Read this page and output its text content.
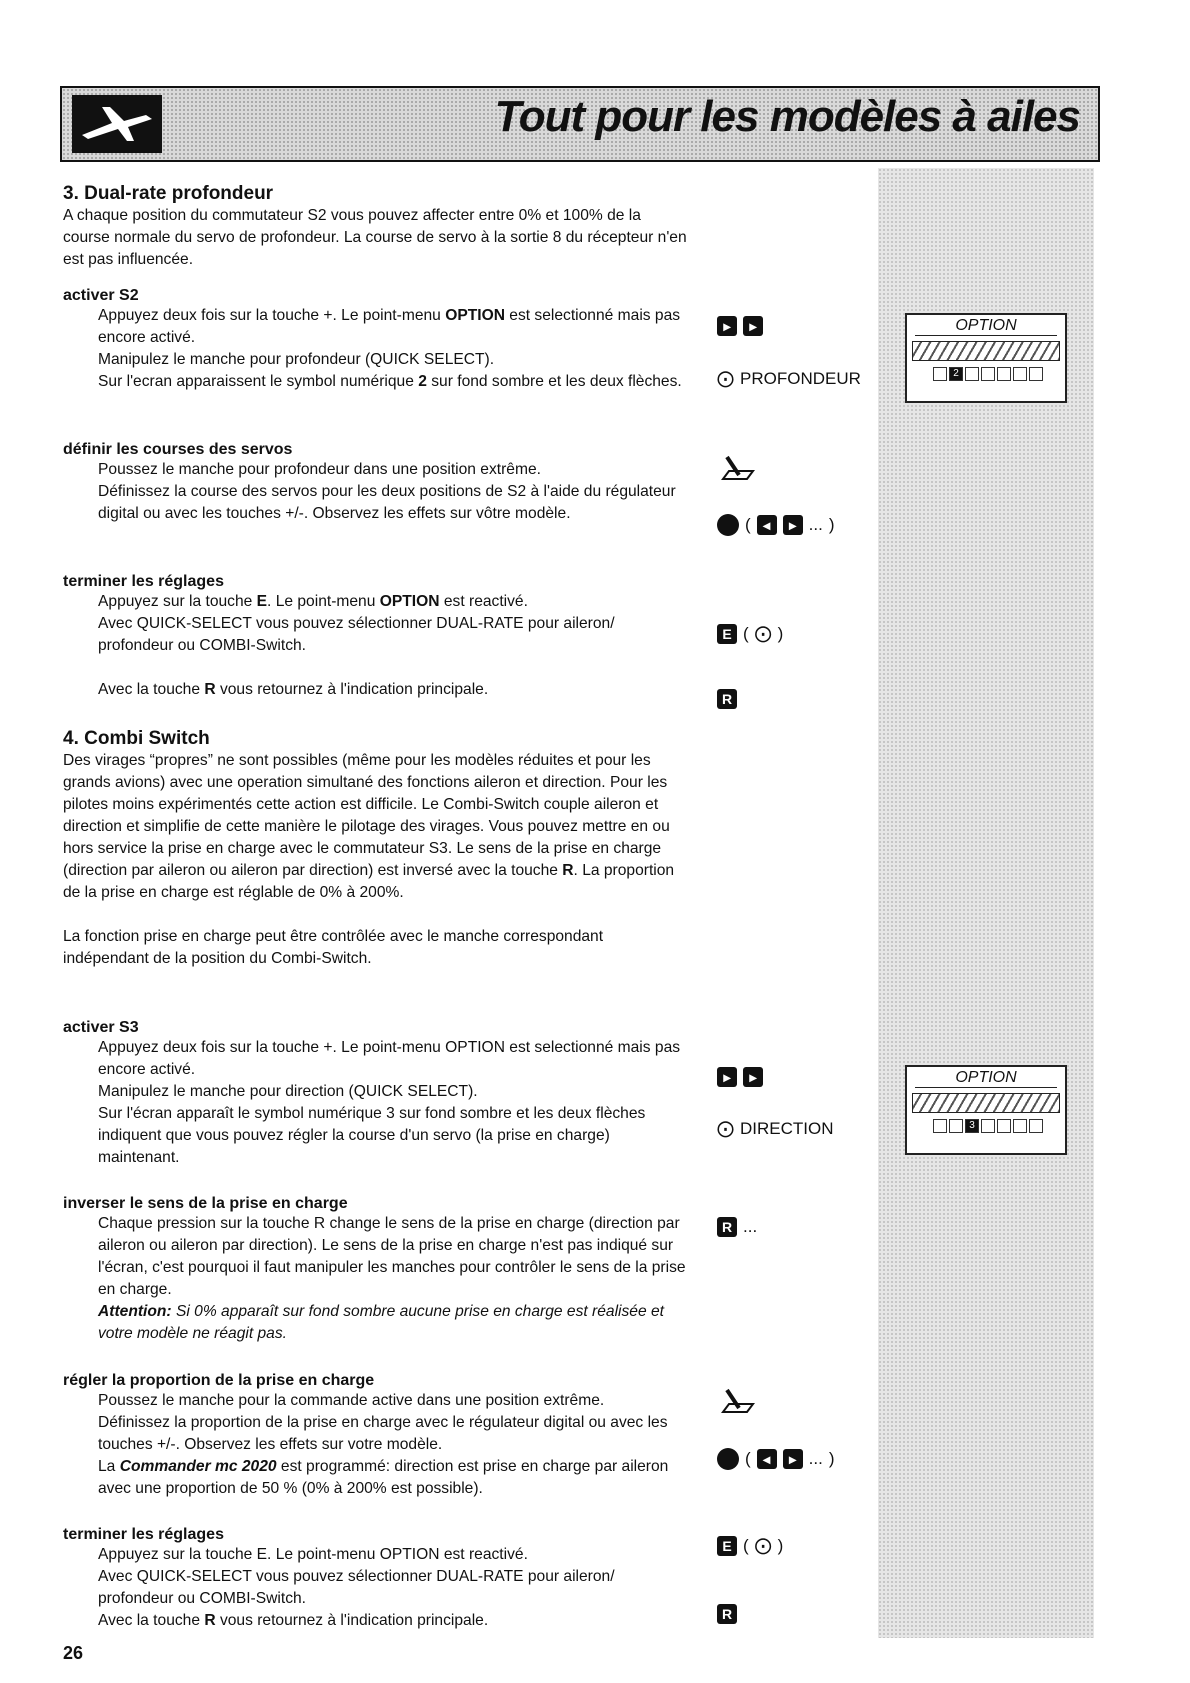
Tout pour les modèles à ailes
3. Dual-rate profondeur

A chaque position du commutateur S2 vous pouvez affecter entre 0% et 100% de la course normale du servo de profondeur. La course de servo à la sortie 8 du récepteur n'en est pas influencée.

activer S2

Appuyez deux fois sur la touche +. Le point-menu OPTION est selectionné mais pas encore activé.

Manipulez le manche pour profondeur (QUICK SELECT).

Sur l'ecran apparaissent le symbol numérique 2 sur fond sombre et les deux flèches.

définir les courses des servos

Poussez le manche pour profondeur dans une position extrême.

Définissez la course des servos pour les deux positions de S2 à l'aide du régulateur digital ou avec les touches +/-. Observez les effets sur vôtre modèle.

terminer les réglages

Appuyez sur la touche E. Le point-menu OPTION est reactivé.

Avec QUICK-SELECT vous pouvez sélectionner DUAL-RATE pour aileron/ profondeur ou COMBI-Switch.

Avec la touche R vous retournez à l'indication principale.

4. Combi Switch

Des virages “propres” ne sont possibles (même pour les modèles réduites et pour les grands avions) avec une operation simultané des fonctions aileron et direction. Pour les pilotes moins expérimentés cette action est difficile. Le Combi-Switch couple aileron et direction et simplifie de cette manière le pilotage des virages. Vous pouvez mettre en ou hors service la prise en charge avec le commutateur S3. Le sens de la prise en charge (direction par aileron ou aileron par direction) est inversé avec la touche R. La proportion de la prise en charge est réglable de 0% à 200%.

La fonction prise en charge peut être contrôlée avec le manche correspondant indépendant de la position du Combi-Switch.

activer S3

Appuyez deux fois sur la touche +. Le point-menu OPTION est selectionné mais pas encore activé.

Manipulez le manche pour direction (QUICK SELECT).

Sur l'écran apparaît le symbol numérique 3 sur fond sombre et les deux flèches indiquent que vous pouvez régler la course d'un servo (la prise en charge) maintenant.

inverser le sens de la prise en charge

Chaque pression sur la touche R change le sens de la prise en charge (direction par aileron ou aileron par direction). Le sens de la prise en charge n'est pas indiqué sur l'écran, c'est pourquoi il faut manipuler les manches pour contrôler le sens de la prise en charge.

Attention: Si 0% apparaît sur fond sombre aucune prise en charge est réalisée et votre modèle ne réagit pas.

régler la proportion de la prise en charge

Poussez le manche pour la commande active dans une position extrême.

Définissez la proportion de la prise en charge avec le régulateur digital ou avec les touches +/-. Observez les effets sur votre modèle.

La Commander mc 2020 est programmé: direction est prise en charge par aileron avec une proportion de 50 % (0% à 200% est possible).

terminer les réglages

Appuyez sur la touche E. Le point-menu OPTION est reactivé.

Avec QUICK-SELECT vous pouvez sélectionner DUAL-RATE pour aileron/ profondeur ou COMBI-Switch.

Avec la touche R vous retournez à l'indication principale.

▸	▸
⨀ PROFONDEUR
OPTION
2
( ◂	▸ ... )
E ( ⨀ )
R
▸	▸
⨀ DIRECTION
OPTION
3
R ...
( ◂	▸ ... )
E ( ⨀ )
R
26
